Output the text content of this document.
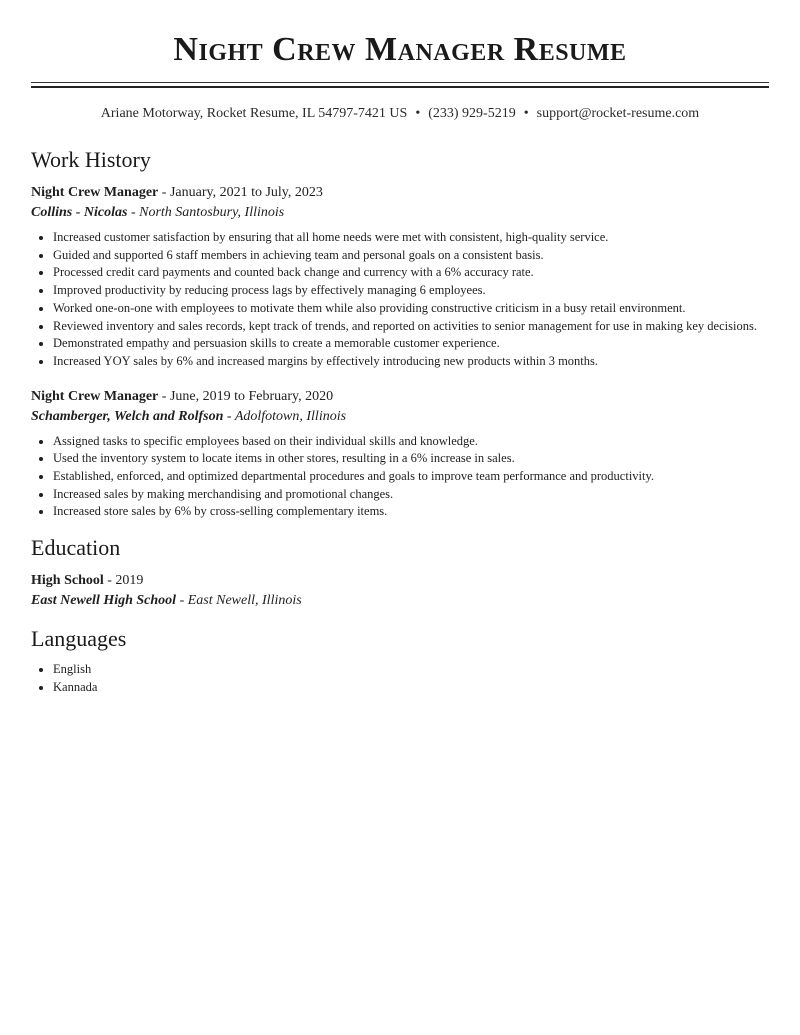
Night Crew Manager Resume
Ariane Motorway, Rocket Resume, IL 54797-7421 US • (233) 929-5219 • support@rocket-resume.com
Work History
Night Crew Manager - January, 2021 to July, 2023
Collins - Nicolas - North Santosbury, Illinois
• Increased customer satisfaction by ensuring that all home needs were met with consistent, high-quality service.
• Guided and supported 6 staff members in achieving team and personal goals on a consistent basis.
• Processed credit card payments and counted back change and currency with a 6% accuracy rate.
• Improved productivity by reducing process lags by effectively managing 6 employees.
• Worked one-on-one with employees to motivate them while also providing constructive criticism in a busy retail environment.
• Reviewed inventory and sales records, kept track of trends, and reported on activities to senior management for use in making key decisions.
• Demonstrated empathy and persuasion skills to create a memorable customer experience.
• Increased YOY sales by 6% and increased margins by effectively introducing new products within 3 months.
Night Crew Manager - June, 2019 to February, 2020
Schamberger, Welch and Rolfson - Adolfotown, Illinois
• Assigned tasks to specific employees based on their individual skills and knowledge.
• Used the inventory system to locate items in other stores, resulting in a 6% increase in sales.
• Established, enforced, and optimized departmental procedures and goals to improve team performance and productivity.
• Increased sales by making merchandising and promotional changes.
• Increased store sales by 6% by cross-selling complementary items.
Education
High School - 2019
East Newell High School - East Newell, Illinois
Languages
• English
• Kannada
